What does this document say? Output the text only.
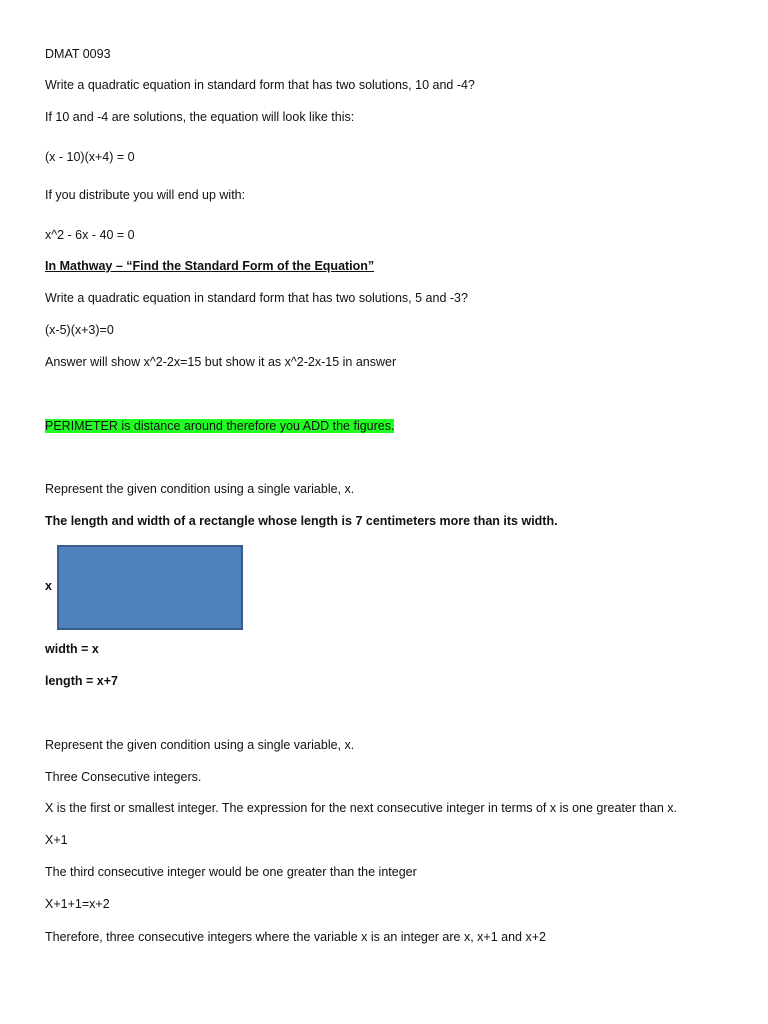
DMAT 0093
Write a quadratic equation in standard form that has two solutions, 10 and -4?
If 10 and -4 are solutions, the equation will look like this:
(x - 10)(x+4) = 0
If you distribute you will end up with:
x^2 - 6x - 40 = 0
In Mathway – “Find the Standard Form of the Equation”
Write a quadratic equation in standard form that has two solutions, 5 and -3?
(x-5)(x+3)=0
Answer will show x^2-2x=15 but show it as x^2-2x-15 in answer
PERIMETER is distance around therefore you ADD the figures.
Represent the given condition using a single variable, x.
The length and width of a rectangle whose length is 7 centimeters more than its width.
x
width = x
length = x+7
Represent the given condition using a single variable, x.
Three Consecutive integers.
X is the first or smallest integer. The expression for the next consecutive integer in terms of x is one greater than x.
X+1
The third consecutive integer would be one greater than the integer
X+1+1=x+2
Therefore, three consecutive integers where the variable x is an integer are x, x+1 and x+2
